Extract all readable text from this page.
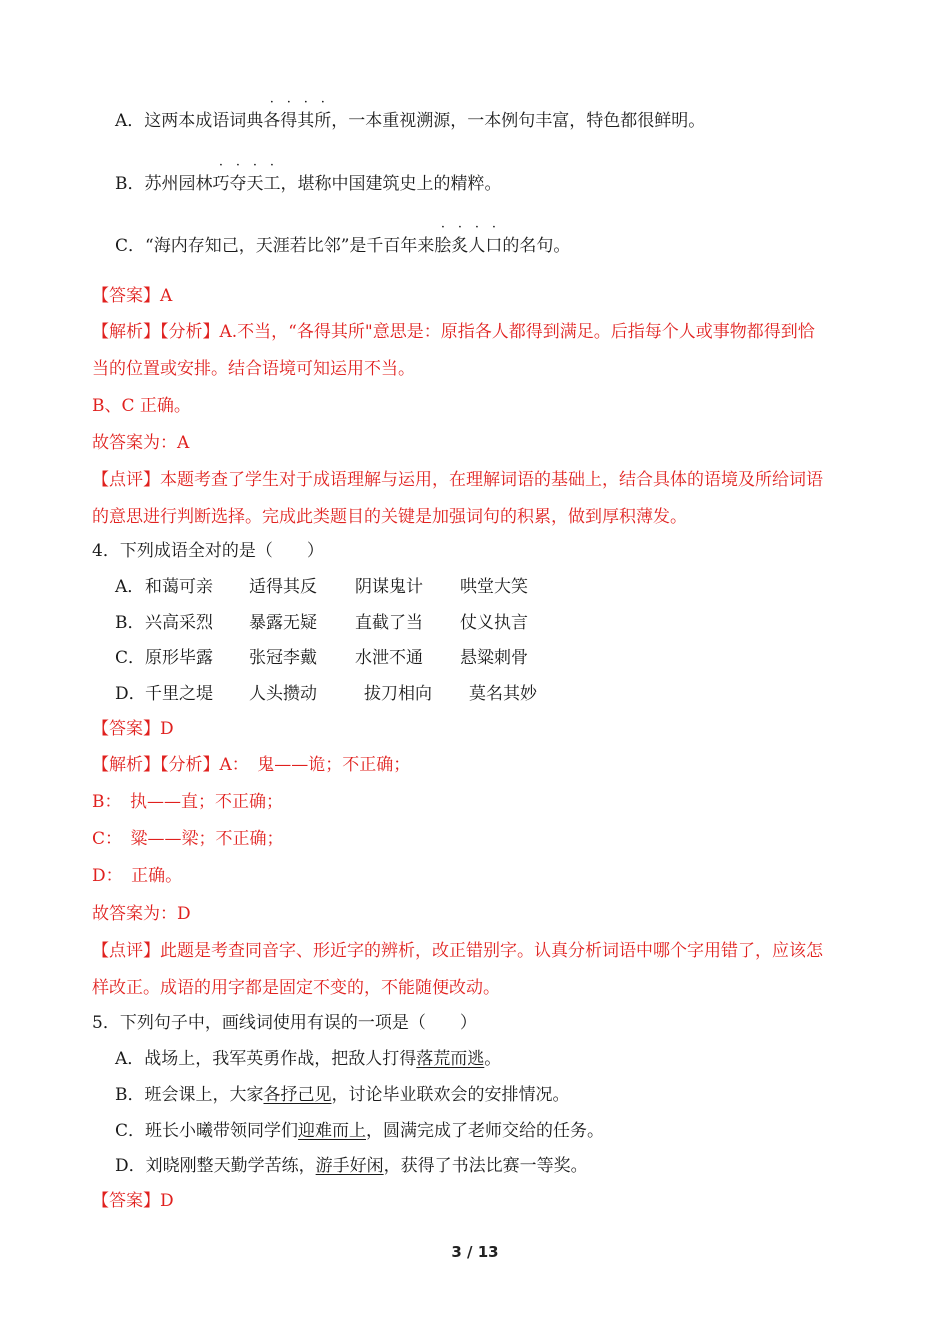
A．这两本成语词典
· · · ·
各得其所，一本重视溯源，一本例句丰富，特色都很鲜明。
B．苏州园林
· · · ·
巧夺天工，堪称中国建筑史上的精粹。
C．“海内存知己，天涯若比邻”是千百年来
· · · ·
脍炙人口的名句。
【答案】A
【解析】【分析】A.不当，“各得其所"意思是：原指各人都得到满足。后指每个人或事物都得到恰
当的位置或安排。结合语境可知运用不当。
B、C 正确。
故答案为：A
【点评】本题考查了学生对于成语理解与运用，在理解词语的基础上，结合具体的语境及所给词语
的意思进行判断选择。完成此类题目的关键是加强词句的积累，做到厚积薄发。
4．下列成语全对的是（　　）
A． 和蔼可亲 适得其反 阴谋鬼计 哄堂大笑
B． 兴高采烈 暴露无疑 直截了当 仗义执言
C． 原形毕露 张冠李戴 水泄不通 悬粱刺骨
D． 千里之堤 人头攒动	拔刀相向 莫名其妙
【答案】D
【解析】【分析】A：　鬼——诡；不正确；
B：　执——直；不正确；
C：　粱——梁；不正确；
D：　正确。
故答案为：D
【点评】此题是考查同音字、形近字的辨析，改正错别字。认真分析词语中哪个字用错了，应该怎
样改正。成语的用字都是固定不变的，不能随便改动。
5．下列句子中，画线词使用有误的一项是（　　）
A．战场上，我军英勇作战，把敌人打得落荒而逃。
B．班会课上，大家各抒己见，讨论毕业联欢会的安排情况。
C．班长小曦带领同学们迎难而上，圆满完成了老师交给的任务。
D．刘晓刚整天勤学苦练，游手好闲，获得了书法比赛一等奖。
【答案】D
3 / 13
